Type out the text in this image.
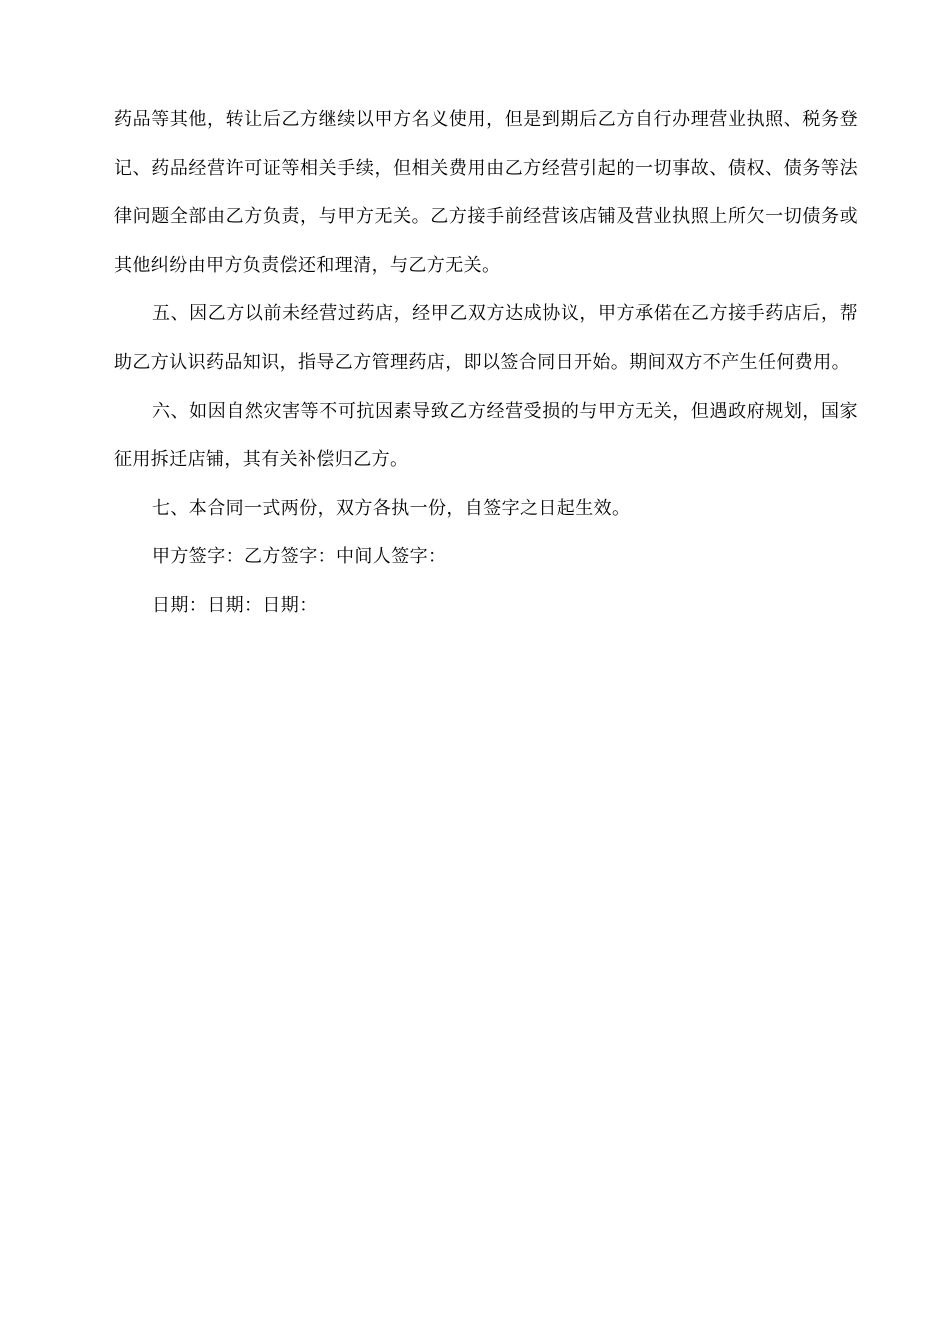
药品等其他，转让后乙方继续以甲方名义使用，但是到期后乙方自行办理营业执照、税务登记、药品经营许可证等相关手续，但相关费用由乙方经营引起的一切事故、债权、债务等法律问题全部由乙方负责，与甲方无关。乙方接手前经营该店铺及营业执照上所欠一切债务或其他纠纷由甲方负责偿还和理清，与乙方无关。

五、因乙方以前未经营过药店，经甲乙双方达成协议，甲方承偌在乙方接手药店后，帮助乙方认识药品知识，指导乙方管理药店，即以签合同日开始。期间双方不产生任何费用。

六、如因自然灾害等不可抗因素导致乙方经营受损的与甲方无关，但遇政府规划，国家征用拆迁店铺，其有关补偿归乙方。

七、本合同一式两份，双方各执一份，自签字之日起生效。

甲方签字：乙方签字：中间人签字：

日期：日期：日期：
